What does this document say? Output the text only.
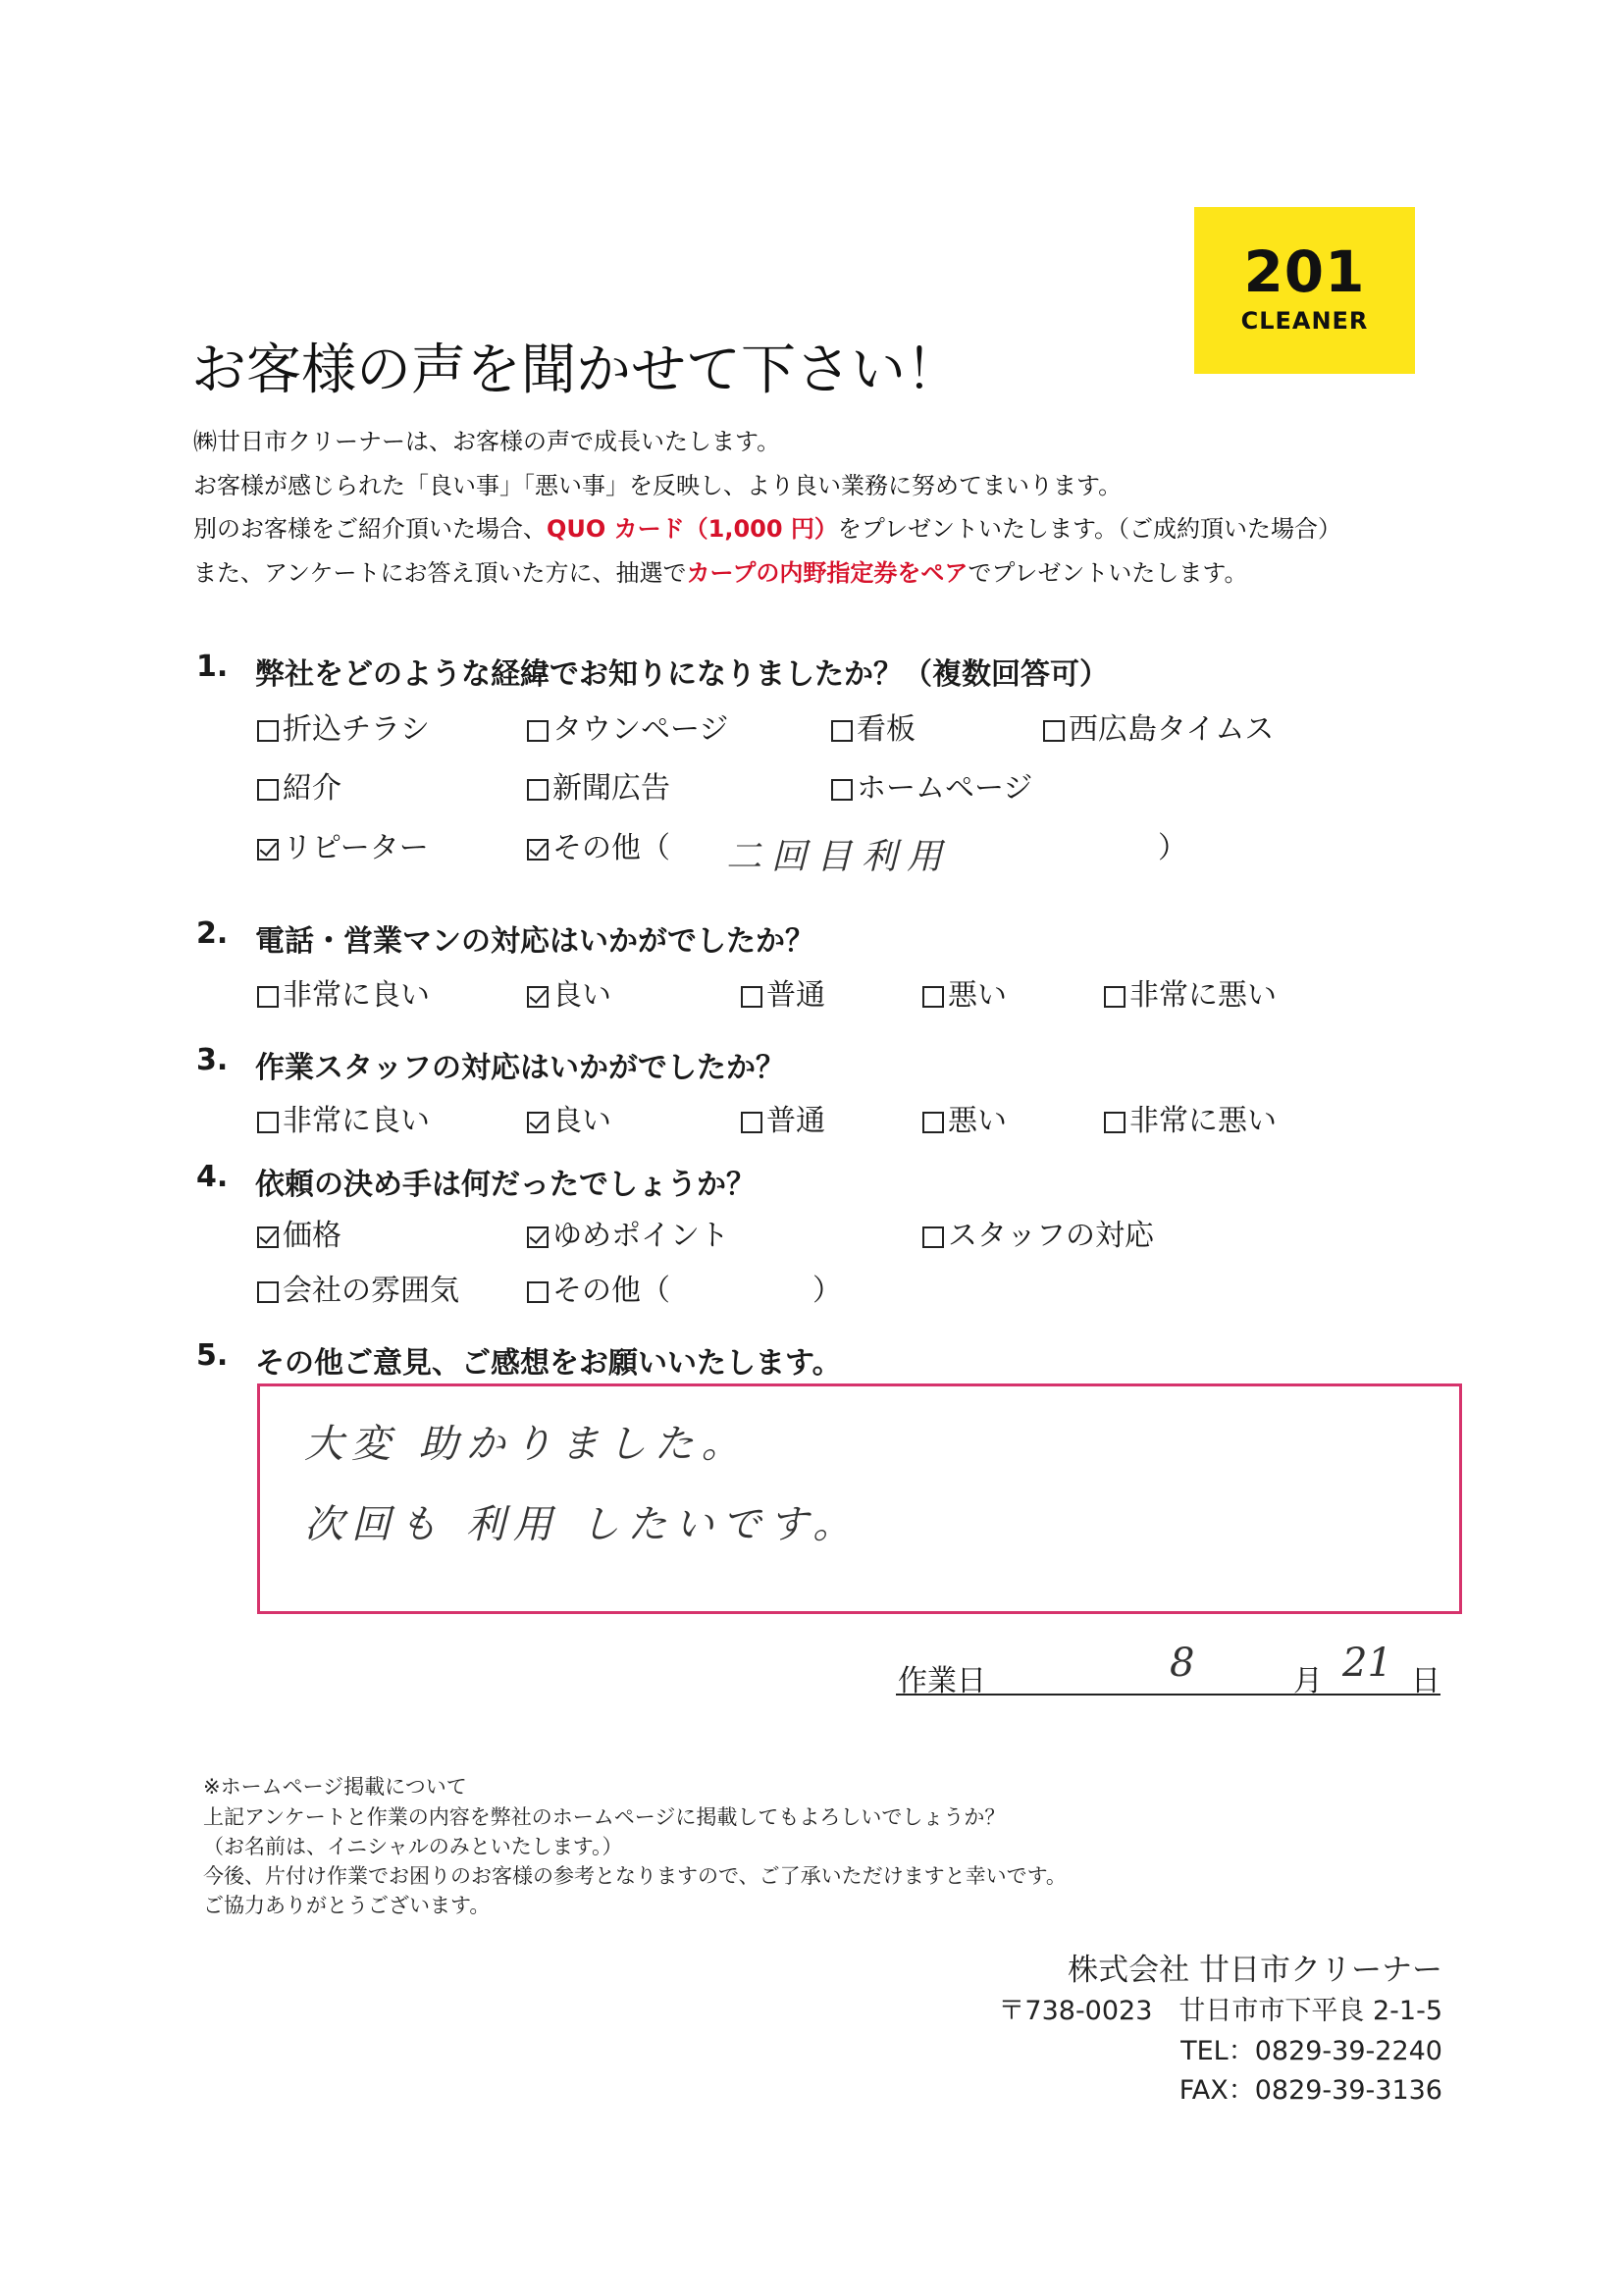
201
CLEANER
お客様の声を聞かせて下さい！
㈱廿日市クリーナーは、お客様の声で成長いたします。
お客様が感じられた「良い事」「悪い事」を反映し、より良い業務に努めてまいります。
別のお客様をご紹介頂いた場合、QUO カード（1,000 円）をプレゼントいたします。（ご成約頂いた場合）
また、アンケートにお答え頂いた方に、抽選でカープの内野指定券をペアでプレゼントいたします。
1. 弊社をどのような経緯でお知りになりましたか？（複数回答可）
折込チラシ	タウンページ	看板	西広島タイムス
紹介	新聞広告	ホームページ
リピーター	その他（ 二回目利用	）
2. 電話・営業マンの対応はいかがでしたか？
非常に良い	良い	普通	悪い	非常に悪い
3. 作業スタッフの対応はいかがでしたか？
非常に良い	良い	普通	悪い	非常に悪い
4. 依頼の決め手は何だったでしょうか？
価格	ゆめポイント	スタッフの対応
会社の雰囲気	その他（	）
5. その他ご意見、ご感想をお願いいたします。
大変 助かりました。
次回も 利用 したいです。
作業日	8	月 21 日
※ホームページ掲載について
上記アンケートと作業の内容を弊社のホームページに掲載してもよろしいでしょうか？
（お名前は、イニシャルのみといたします。）
今後、片付け作業でお困りのお客様の参考となりますので、ご了承いただけますと幸いです。
ご協力ありがとうございます。
株式会社 廿日市クリーナー
〒738-0023　廿日市市下平良 2-1-5
TEL：0829-39-2240
FAX：0829-39-3136
